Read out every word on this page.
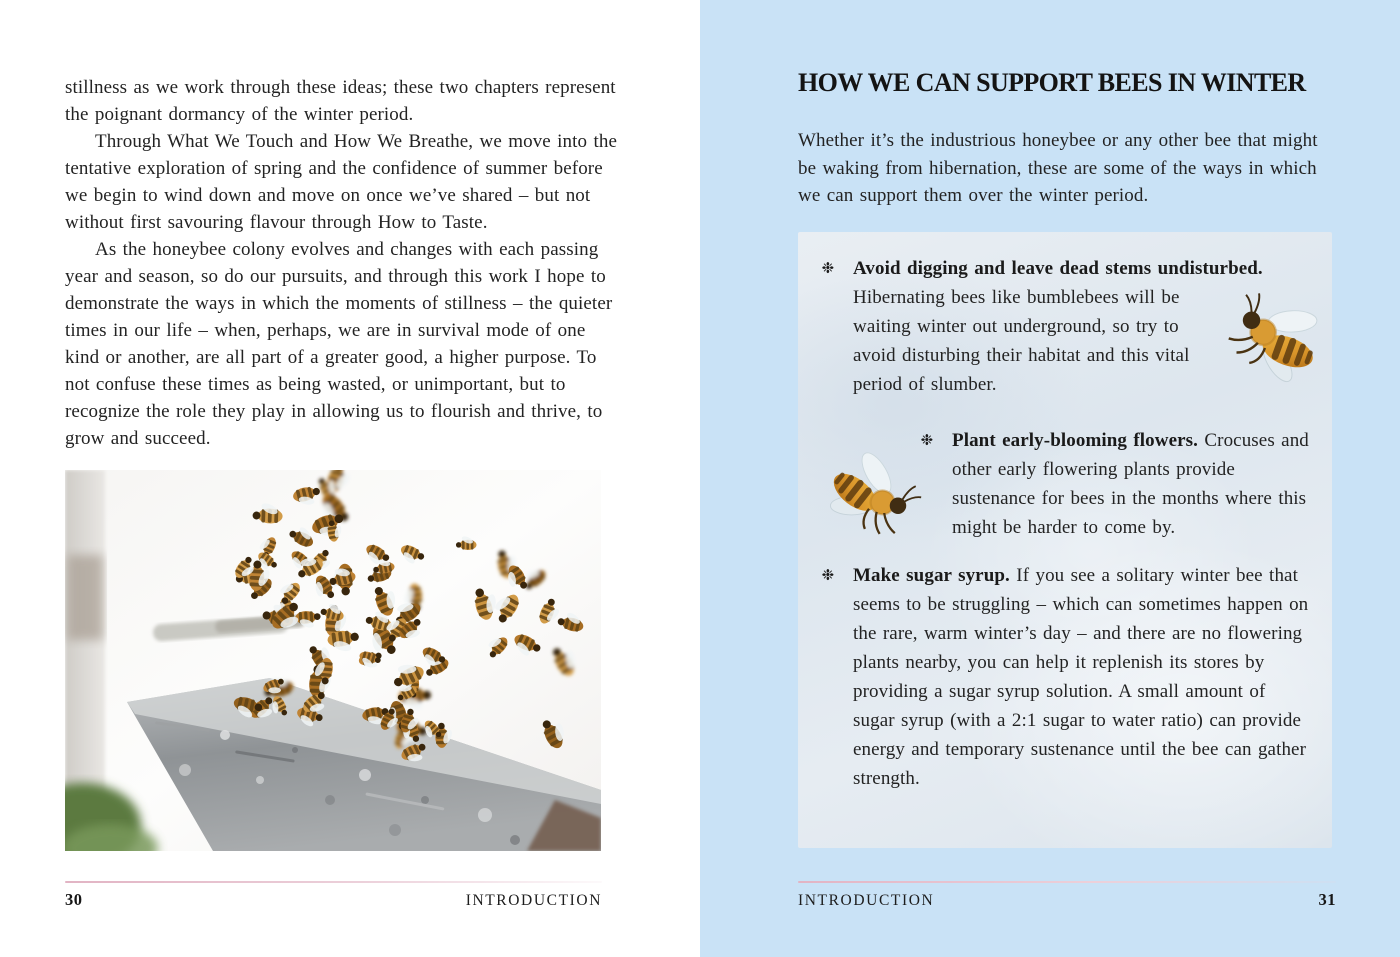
stillness as we work through these ideas; these two chapters represent the poignant dormancy of the winter period.

Through What We Touch and How We Breathe, we move into the tentative exploration of spring and the confidence of summer before we begin to wind down and move on once we’ve shared – but not without first savouring flavour through How to Taste.

As the honeybee colony evolves and changes with each passing year and season, so do our pursuits, and through this work I hope to demonstrate the ways in which the moments of stillness – the quieter times in our life – when, perhaps, we are in survival mode of one kind or another, are all part of a greater good, a higher purpose. To not confuse these times as being wasted, or unimportant, but to recognize the role they play in allowing us to flourish and thrive, to grow and succeed.

30	INTRODUCTION
HOW WE CAN SUPPORT BEES IN WINTER

Whether it’s the industrious honeybee or any other bee that might be waking from hibernation, these are some of the ways in which we can support them over the winter period.

❉ Avoid digging and leave dead stems undisturbed. Hibernating bees like bumblebees will be waiting winter out underground, so try to avoid disturbing their habitat and this vital period of slumber.
❉ Plant early-blooming flowers. Crocuses and other early flowering plants provide sustenance for bees in the months where this might be harder to come by.
❉ Make sugar syrup. If you see a solitary winter bee that seems to be struggling – which can sometimes happen on the rare, warm winter’s day – and there are no flowering plants nearby, you can help it replenish its stores by providing a sugar syrup solution. A small amount of sugar syrup (with a 2:1 sugar to water ratio) can provide energy and temporary sustenance until the bee can gather strength.
INTRODUCTION	31
